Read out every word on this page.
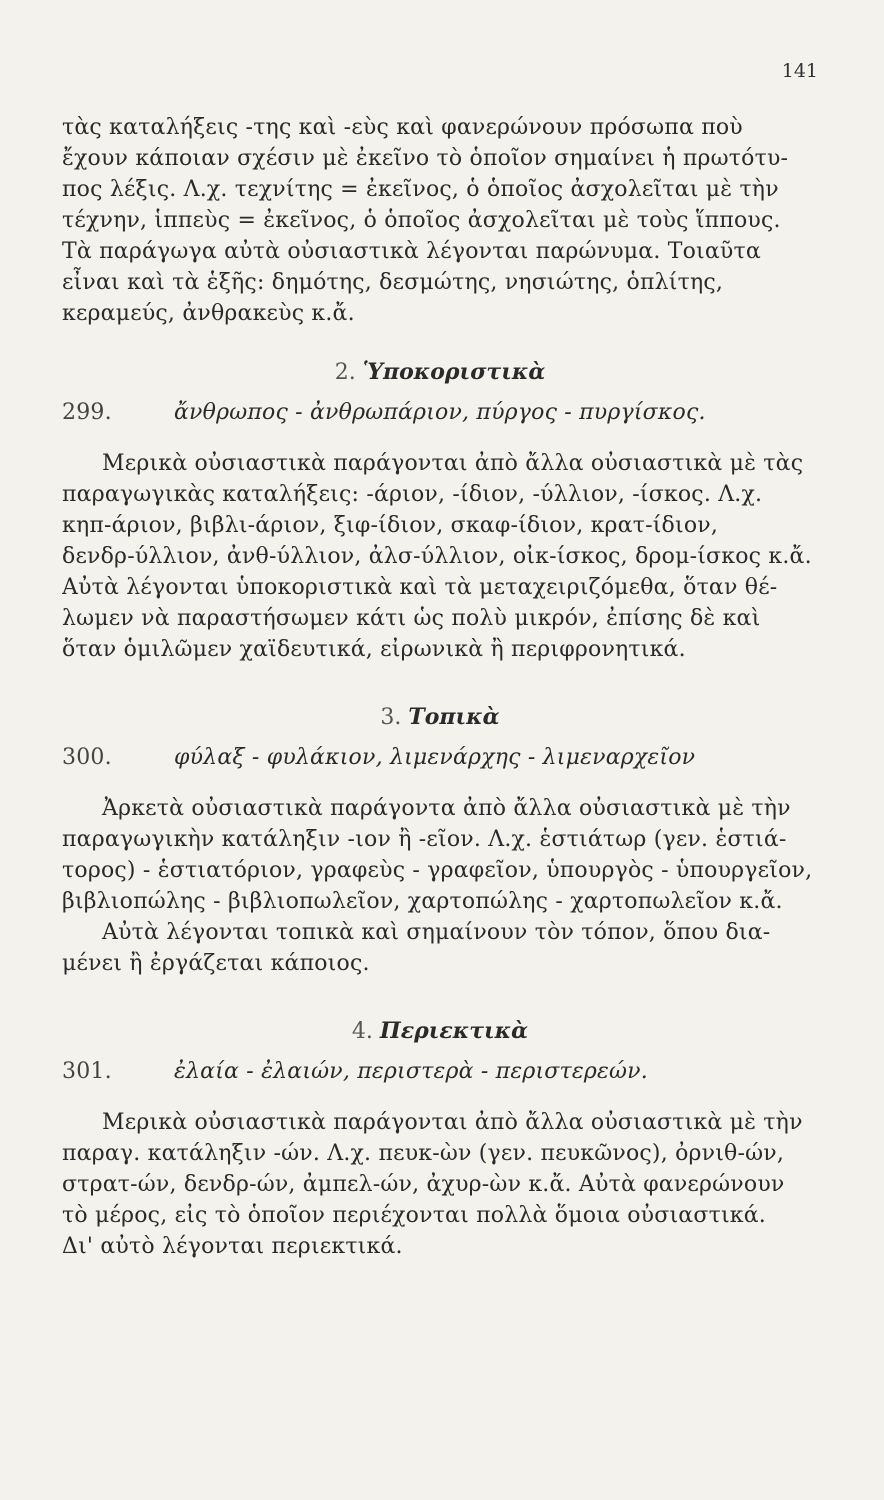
141
τὰς καταλήξεις -της καὶ -εὺς καὶ φανερώνουν πρόσωπα ποὺ
ἔχουν κάποιαν σχέσιν μὲ ἐκεῖνο τὸ ὁποῖον σημαίνει ἡ πρωτότυ-
πος λέξις. Λ.χ. τεχνίτης = ἐκεῖνος, ὁ ὁποῖος ἀσχολεῖται μὲ τὴν
τέχνην, ἱππεὺς = ἐκεῖνος, ὁ ὁποῖος ἀσχολεῖται μὲ τοὺς ἵππους.
Τὰ παράγωγα αὐτὰ οὐσιαστικὰ λέγονται παρώνυμα. Τοιαῦτα
εἶναι καὶ τὰ ἑξῆς: δημότης, δεσμώτης, νησιώτης, ὁπλίτης,
κεραμεύς, ἀνθρακεὺς κ.ἄ.
2. Ὑποκοριστικὰ
299.	ἄνθρωπος - ἀνθρωπάριον, πύργος - πυργίσκος.
Μερικὰ οὐσιαστικὰ παράγονται ἀπὸ ἄλλα οὐσιαστικὰ μὲ τὰς
παραγωγικὰς καταλήξεις: -άριον, -ίδιον, -ύλλιον, -ίσκος. Λ.χ.
κηπ-άριον, βιβλι-άριον, ξιφ-ίδιον, σκαφ-ίδιον, κρατ-ίδιον,
δενδρ-ύλλιον, ἀνθ-ύλλιον, ἀλσ-ύλλιον, οἰκ-ίσκος, δρομ-ίσκος κ.ἄ.
Αὐτὰ λέγονται ὑποκοριστικὰ καὶ τὰ μεταχειριζόμεθα, ὅταν θέ-
λωμεν νὰ παραστήσωμεν κάτι ὡς πολὺ μικρόν, ἐπίσης δὲ καὶ
ὅταν ὁμιλῶμεν χαϊδευτικά, εἰρωνικὰ ἢ περιφρονητικά.
3. Τοπικὰ
300.	φύλαξ - φυλάκιον, λιμενάρχης - λιμεναρχεῖον
Ἀρκετὰ οὐσιαστικὰ παράγοντα ἀπὸ ἄλλα οὐσιαστικὰ μὲ τὴν
παραγωγικὴν κατάληξιν -ιον ἢ -εῖον. Λ.χ. ἑστιάτωρ (γεν. ἑστιά-
τορος) - ἑστιατόριον, γραφεὺς - γραφεῖον, ὑπουργὸς - ὑπουργεῖον,
βιβλιοπώλης - βιβλιοπωλεῖον, χαρτοπώλης - χαρτοπωλεῖον κ.ἄ.
Αὐτὰ λέγονται τοπικὰ καὶ σημαίνουν τὸν τόπον, ὅπου δια-
μένει ἢ ἐργάζεται κάποιος.
4. Περιεκτικὰ
301.	ἐλαία - ἐλαιών, περιστερὰ - περιστερεών.
Μερικὰ οὐσιαστικὰ παράγονται ἀπὸ ἄλλα οὐσιαστικὰ μὲ τὴν
παραγ. κατάληξιν -ών. Λ.χ. πευκ-ὼν (γεν. πευκῶνος), ὀρνιθ-ών,
στρατ-ών, δενδρ-ών, ἀμπελ-ών, ἀχυρ-ὼν κ.ἄ. Αὐτὰ φανερώνουν
τὸ μέρος, εἰς τὸ ὁποῖον περιέχονται πολλὰ ὅμοια οὐσιαστικά.
Δι' αὐτὸ λέγονται περιεκτικά.
